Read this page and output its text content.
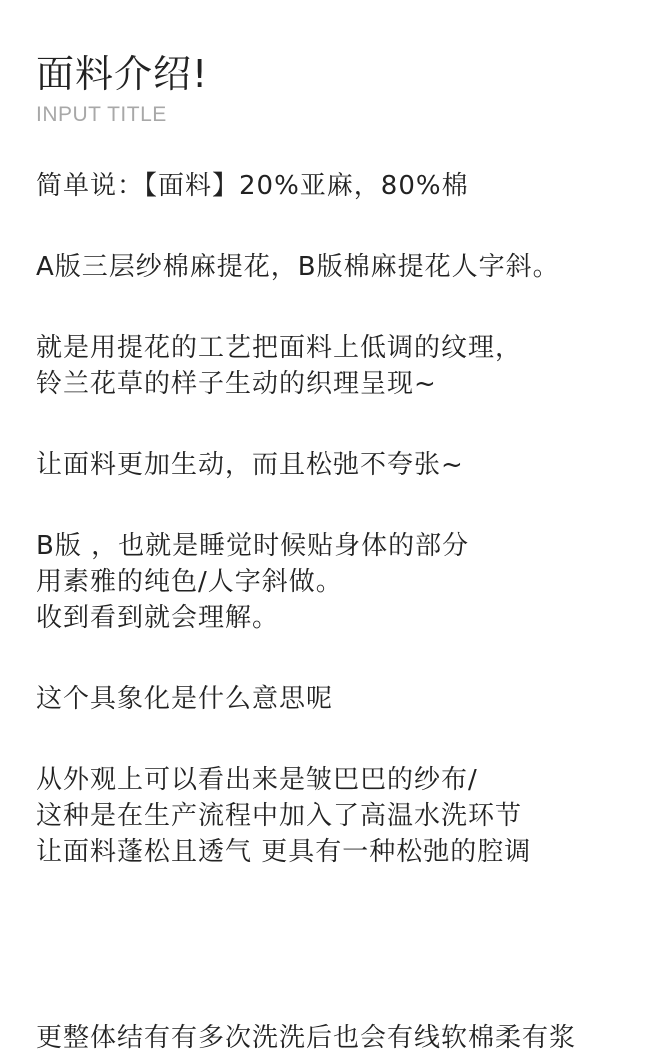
面料介绍!
INPUT TITLE
简单说：【面料】20%亚麻，80%棉
A版三层纱棉麻提花，B版棉麻提花人字斜。
就是用提花的工艺把面料上低调的纹理，
铃兰花草的样子生动的织理呈现~
让面料更加生动，而且松弛不夸张~
B版 ，也就是睡觉时候贴身体的部分
用素雅的纯色/人字斜做。
收到看到就会理解。
这个具象化是什么意思呢
从外观上可以看出来是皱巴巴的纱布/
这种是在生产流程中加入了高温水洗环节
让面料蓬松且透气 更具有一种松弛的腔调
更整体结有有多次洗洗后也会有线软棉柔有浆
